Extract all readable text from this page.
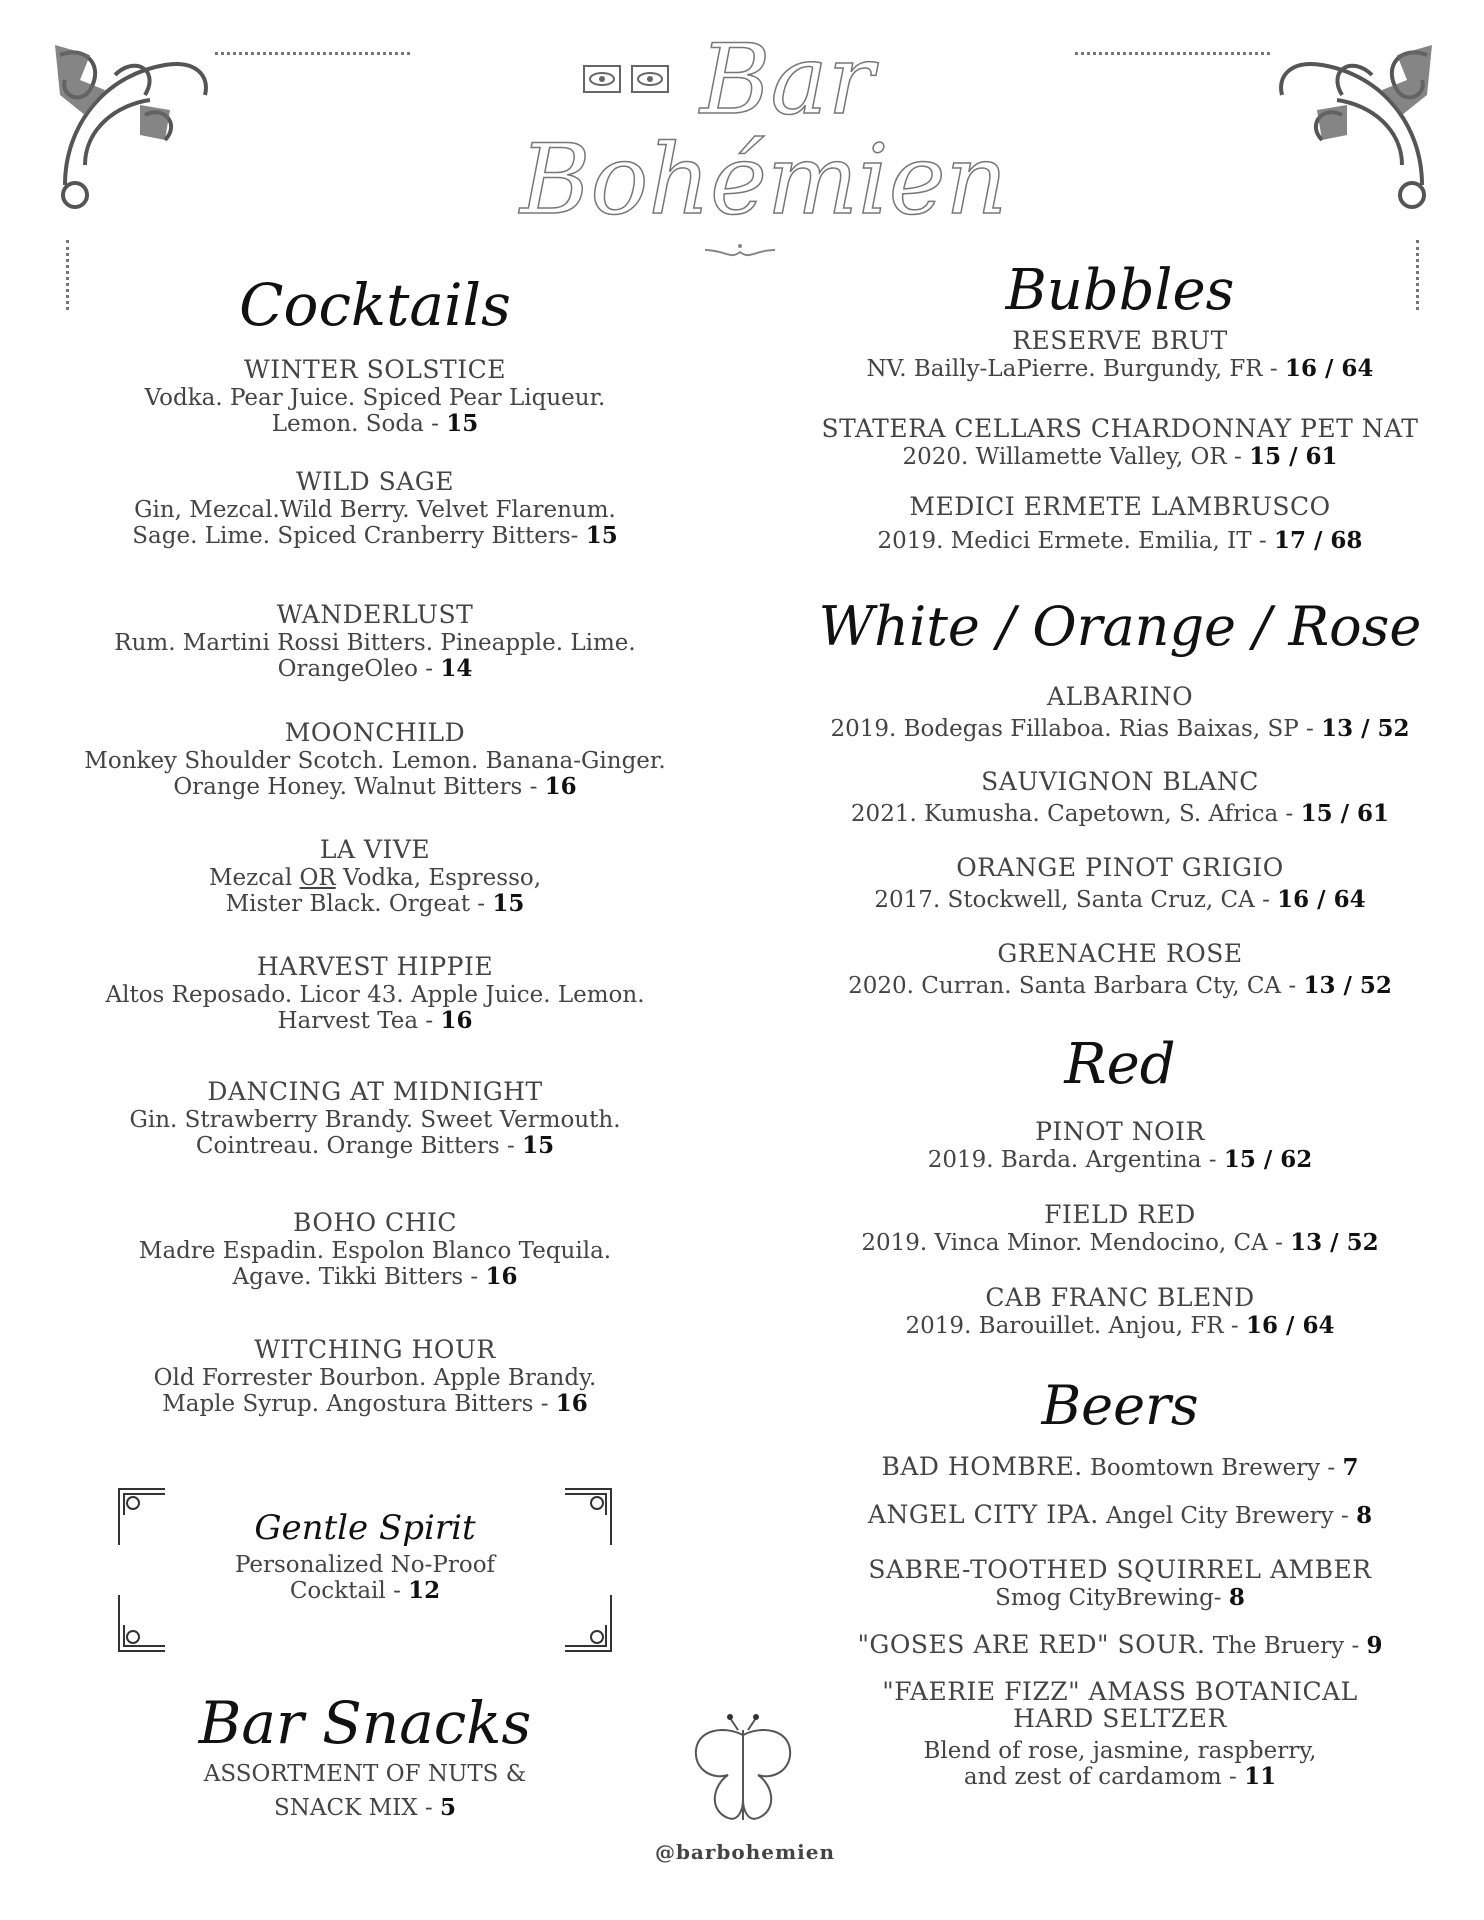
Bar
Bohémien
Cocktails
WINTER SOLSTICE
Vodka. Pear Juice. Spiced Pear Liqueur.
Lemon. Soda - 15
WILD SAGE
Gin, Mezcal.Wild Berry. Velvet Flarenum.
Sage. Lime. Spiced Cranberry Bitters- 15
WANDERLUST
Rum. Martini Rossi Bitters. Pineapple. Lime.
OrangeOleo - 14
MOONCHILD
Monkey Shoulder Scotch. Lemon. Banana-Ginger.
Orange Honey. Walnut Bitters - 16
LA VIVE
Mezcal OR Vodka, Espresso,
Mister Black. Orgeat - 15
HARVEST HIPPIE
Altos Reposado. Licor 43. Apple Juice. Lemon.
Harvest Tea - 16
DANCING AT MIDNIGHT
Gin. Strawberry Brandy. Sweet Vermouth.
Cointreau. Orange Bitters - 15
BOHO CHIC
Madre Espadin. Espolon Blanco Tequila.
Agave. Tikki Bitters - 16
WITCHING HOUR
Old Forrester Bourbon. Apple Brandy.
Maple Syrup. Angostura Bitters - 16
Gentle Spirit
Personalized No-Proof
Cocktail - 12
Bar Snacks
ASSORTMENT OF NUTS &
SNACK MIX - 5
@barbohemien
Bubbles
RESERVE BRUT
NV. Bailly-LaPierre. Burgundy, FR - 16 / 64
STATERA CELLARS CHARDONNAY PET NAT
2020. Willamette Valley, OR - 15 / 61
MEDICI ERMETE LAMBRUSCO
2019. Medici Ermete. Emilia, IT - 17 / 68
White / Orange / Rose
ALBARINO
2019. Bodegas Fillaboa. Rias Baixas, SP - 13 / 52
SAUVIGNON BLANC
2021. Kumusha. Capetown, S. Africa - 15 / 61
ORANGE PINOT GRIGIO
2017. Stockwell, Santa Cruz, CA - 16 / 64
GRENACHE ROSE
2020. Curran. Santa Barbara Cty, CA - 13 / 52
Red
PINOT NOIR
2019. Barda. Argentina - 15 / 62
FIELD RED
2019. Vinca Minor. Mendocino, CA - 13 / 52
CAB FRANC BLEND
2019. Barouillet. Anjou, FR - 16 / 64
Beers
BAD HOMBRE. Boomtown Brewery - 7
ANGEL CITY IPA. Angel City Brewery - 8
SABRE-TOOTHED SQUIRREL AMBER
Smog CityBrewing- 8
"GOSES ARE RED" SOUR. The Bruery - 9
"FAERIE FIZZ" AMASS BOTANICAL
HARD SELTZER
Blend of rose, jasmine, raspberry,
and zest of cardamom - 11
